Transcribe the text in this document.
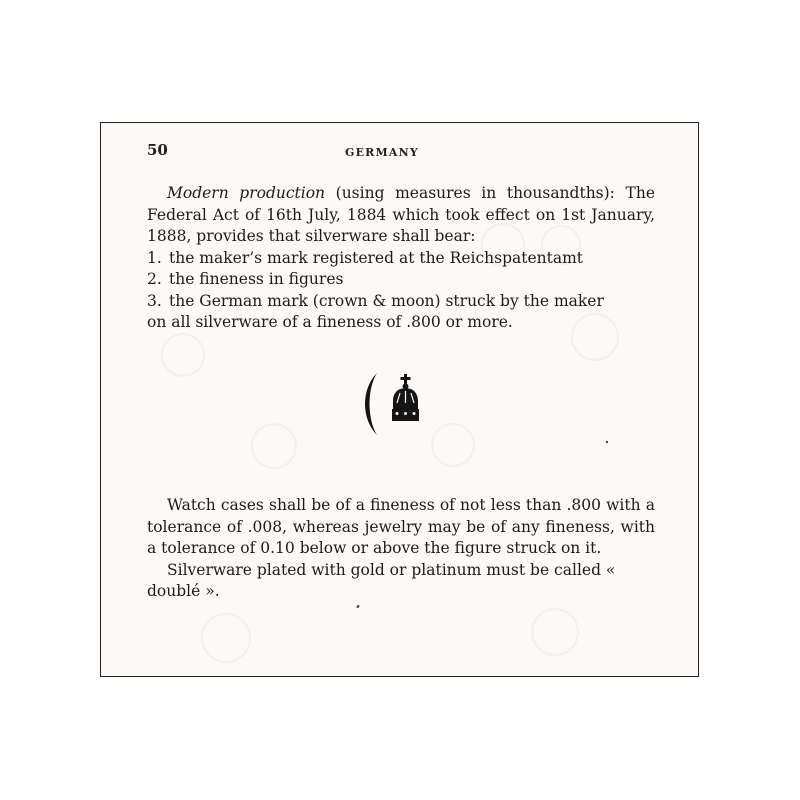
50	GERMANY
Modern production (using measures in thousandths): The Federal Act of 16th July, 1884 which took effect on 1st January, 1888, provides that silverware shall bear:
1. the maker’s mark registered at the Reichspatentamt
2. the fineness in figures
3. the German mark (crown & moon) struck by the maker
on all silverware of a fineness of .800 or more.
Watch cases shall be of a fineness of not less than .800 with a tolerance of .008, whereas jewelry may be of any fineness, with a tolerance of 0.10 below or above the figure struck on it.
Silverware plated with gold or platinum must be called « doublé ».
